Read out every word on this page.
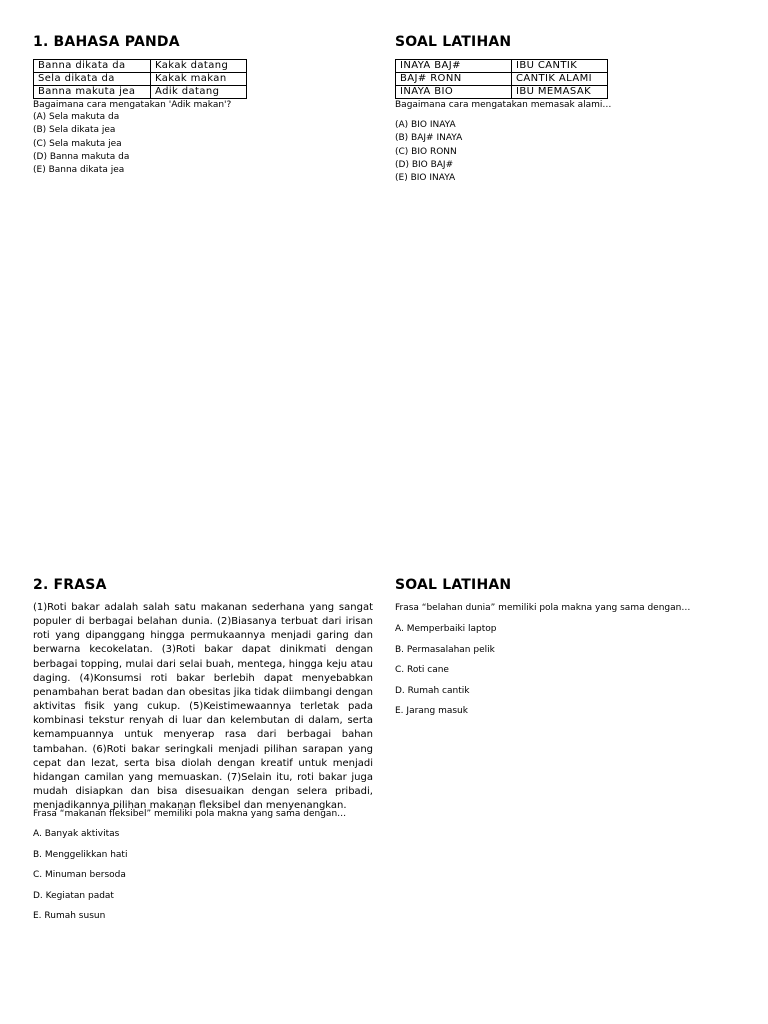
1. BAHASA PANDA
Banna dikata da	Kakak datang
Sela dikata da	Kakak makan
Banna makuta jea	Adik datang
Bagaimana cara mengatakan 'Adik makan'?
(A) Sela makuta da
(B) Sela dikata jea
(C) Sela makuta jea
(D) Banna makuta da
(E) Banna dikata jea
SOAL LATIHAN
INAYA BAJ#	IBU CANTIK
BAJ# RONN	CANTIK ALAMI
INAYA BIO	IBU MEMASAK
Bagaimana cara mengatakan memasak alami…
(A) BIO INAYA
(B) BAJ# INAYA
(C) BIO RONN
(D) BIO BAJ#
(E) BIO INAYA
2. FRASA
(1)Roti bakar adalah salah satu makanan sederhana yang sangat populer di berbagai belahan dunia. (2)Biasanya terbuat dari irisan roti yang dipanggang hingga permukaannya menjadi garing dan berwarna kecokelatan. (3)Roti bakar dapat dinikmati dengan berbagai topping, mulai dari selai buah, mentega, hingga keju atau daging. (4)Konsumsi roti bakar berlebih dapat menyebabkan penambahan berat badan dan obesitas jika tidak diimbangi dengan aktivitas fisik yang cukup. (5)Keistimewaannya terletak pada kombinasi tekstur renyah di luar dan kelembutan di dalam, serta kemampuannya untuk menyerap rasa dari berbagai bahan tambahan. (6)Roti bakar seringkali menjadi pilihan sarapan yang cepat dan lezat, serta bisa diolah dengan kreatif untuk menjadi hidangan camilan yang memuaskan. (7)Selain itu, roti bakar juga mudah disiapkan dan bisa disesuaikan dengan selera pribadi, menjadikannya pilihan makanan fleksibel dan menyenangkan.
Frasa “makanan fleksibel” memiliki pola makna yang sama dengan…
A. Banyak aktivitas
B. Menggelikkan hati
C. Minuman bersoda
D. Kegiatan padat
E. Rumah susun
SOAL LATIHAN
Frasa “belahan dunia” memiliki pola makna yang sama dengan…
A. Memperbaiki laptop
B. Permasalahan pelik
C. Roti cane
D. Rumah cantik
E. Jarang masuk
